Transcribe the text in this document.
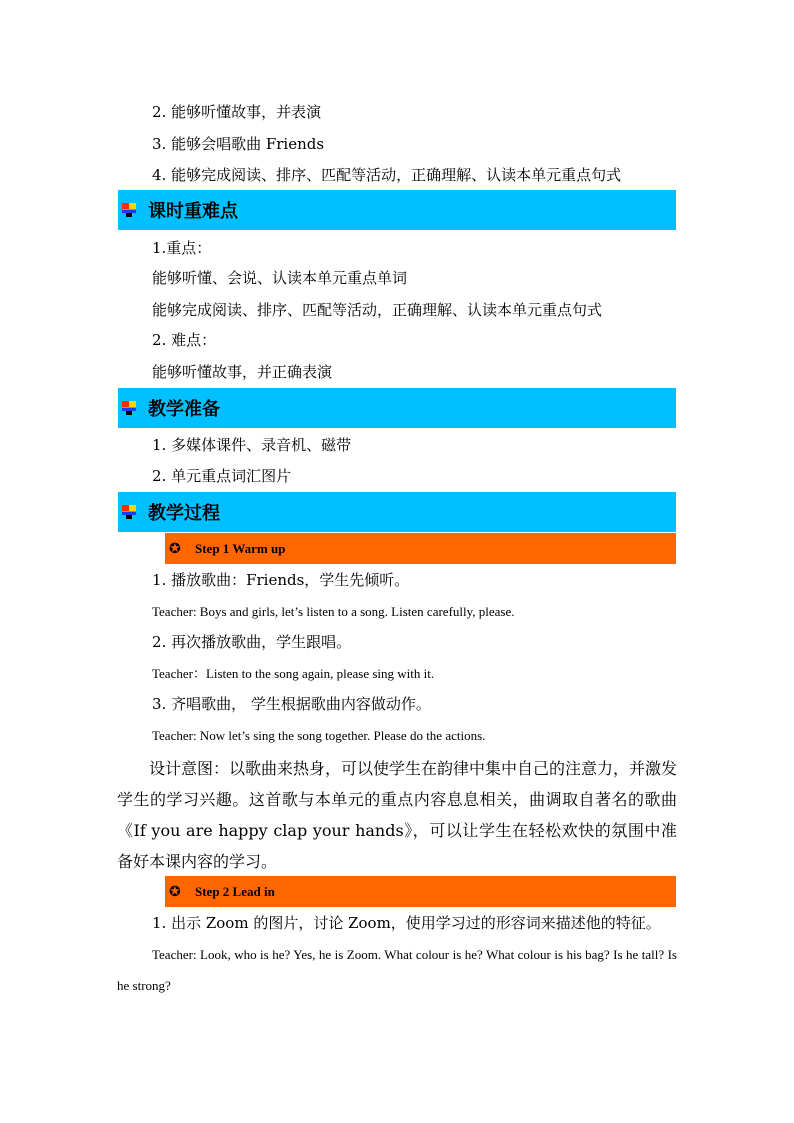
2. 能够听懂故事，并表演
3. 能够会唱歌曲 Friends
4. 能够完成阅读、排序、匹配等活动，正确理解、认读本单元重点句式
课时重难点
1.重点：
能够听懂、会说、认读本单元重点单词
能够完成阅读、排序、匹配等活动，正确理解、认读本单元重点句式
2. 难点：
能够听懂故事，并正确表演
教学准备
1. 多媒体课件、录音机、磁带
2. 单元重点词汇图片
教学过程
✪	Step 1 Warm up
1. 播放歌曲：Friends，学生先倾听。
Teacher: Boys and girls, let’s listen to a song. Listen carefully, please.
2. 再次播放歌曲，学生跟唱。
Teacher：Listen to the song again, please sing with it.
3. 齐唱歌曲， 学生根据歌曲内容做动作。
Teacher: Now let’s sing the song together. Please do the actions.
设计意图：以歌曲来热身，可以使学生在韵律中集中自己的注意力，并激发学生的学习兴趣。这首歌与本单元的重点内容息息相关，曲调取自著名的歌曲《If you are happy clap your hands》，可以让学生在轻松欢快的氛围中准备好本课内容的学习。
✪	Step 2 Lead in
1. 出示 Zoom 的图片，讨论 Zoom，使用学习过的形容词来描述他的特征。
Teacher: Look, who is he? Yes, he is Zoom. What colour is he? What colour is his bag? Is he tall? Is he strong?
